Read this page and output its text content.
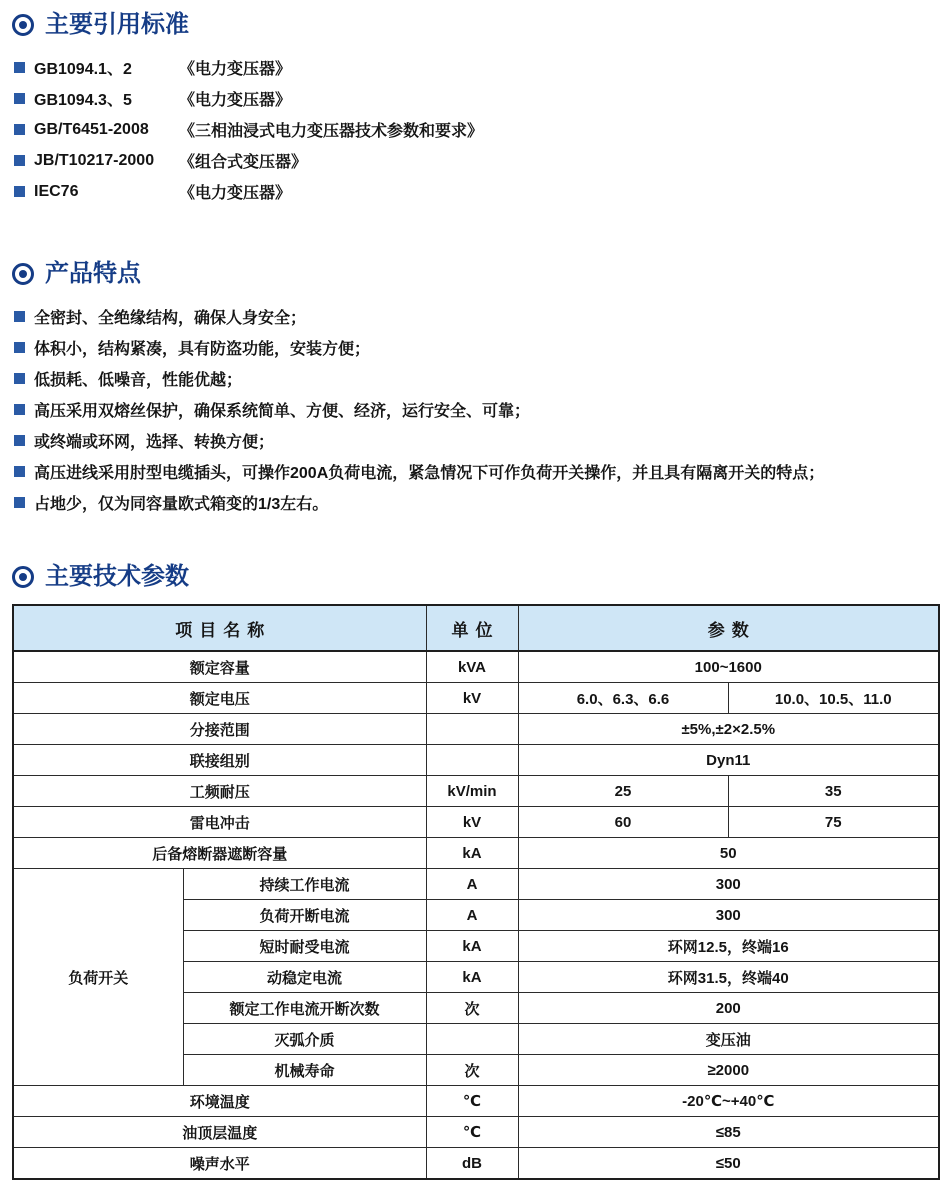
主要引用标准
GB1094.1、2	《电力变压器》
GB1094.3、5	《电力变压器》
GB/T6451-2008	《三相油浸式电力变压器技术参数和要求》
JB/T10217-2000	《组合式变压器》
IEC76	《电力变压器》
产品特点
全密封、全绝缘结构，确保人身安全；
体积小，结构紧凑，具有防盗功能，安装方便；
低损耗、低噪音，性能优越；
高压采用双熔丝保护，确保系统简单、方便、经济，运行安全、可靠；
或终端或环网，选择、转换方便；
高压进线采用肘型电缆插头，可操作200A负荷电流，紧急情况下可作负荷开关操作，并且具有隔离开关的特点；
占地少，仅为同容量欧式箱变的1/3左右。
主要技术参数
项目名称		单位	参数	
额定容量		kVA	100~1600	
额定电压		kV	6.0、6.3、6.6	10.0、10.5、11.0
分接范围			±5%,±2×2.5%	
联接组别			Dyn11	
工频耐压		kV/min	25	35
雷电冲击		kV	60	75
后备熔断器遮断容量		kA	50	
负荷开关	持续工作电流	A	300	
	负荷开断电流	A	300	
	短时耐受电流	kA	环网12.5，终端16	
	动稳定电流	kA	环网31.5，终端40	
	额定工作电流开断次数	次	200	
	灭弧介质		变压油	
	机械寿命	次	≥2000	
环境温度		℃	-20℃~+40℃	
油顶层温度		℃	≤85	
噪声水平		dB	≤50	
